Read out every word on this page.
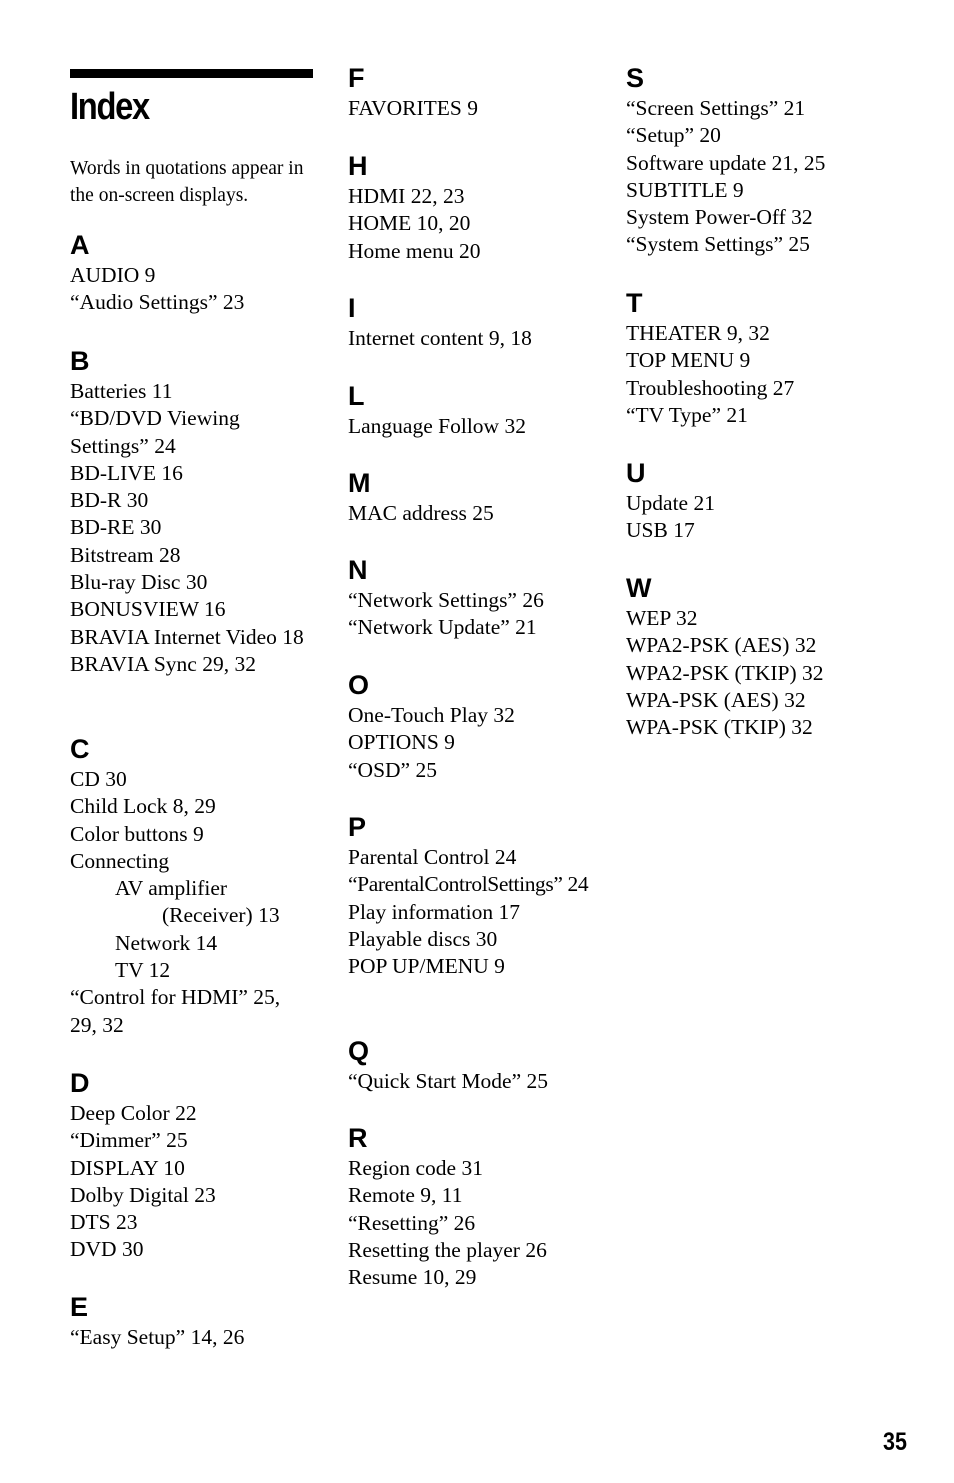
Index

Words in quotations appear in the on-screen displays.

A
AUDIO 9
“Audio Settings” 23
B
Batteries 11
“BD/DVD Viewing Settings” 24
BD-LIVE 16
BD-R 30
BD-RE 30
Bitstream 28
Blu-ray Disc 30
BONUSVIEW 16
BRAVIA Internet Video 18
BRAVIA Sync 29, 32
C
CD 30
Child Lock 8, 29
Color buttons 9
Connecting
AV amplifier
(Receiver) 13
Network 14
TV 12
“Control for HDMI” 25, 29, 32
D
Deep Color 22
“Dimmer” 25
DISPLAY 10
Dolby Digital 23
DTS 23
DVD 30
E
“Easy Setup” 14, 26
F
FAVORITES 9
H
HDMI 22, 23
HOME 10, 20
Home menu 20
I
Internet content 9, 18
L
Language Follow 32
M
MAC address 25
N
“Network Settings” 26
“Network Update” 21
O
One-Touch Play 32
OPTIONS 9
“OSD” 25
P
Parental Control 24
“ParentalControlSettings” 24
Play information 17
Playable discs 30
POP UP/MENU 9
Q
“Quick Start Mode” 25
R
Region code 31
Remote 9, 11
“Resetting” 26
Resetting the player 26
Resume 10, 29
S
“Screen Settings” 21
“Setup” 20
Software update 21, 25
SUBTITLE 9
System Power-Off 32
“System Settings” 25
T
THEATER 9, 32
TOP MENU 9
Troubleshooting 27
“TV Type” 21
U
Update 21
USB 17
W
WEP 32
WPA2-PSK (AES) 32
WPA2-PSK (TKIP) 32
WPA-PSK (AES) 32
WPA-PSK (TKIP) 32
35
